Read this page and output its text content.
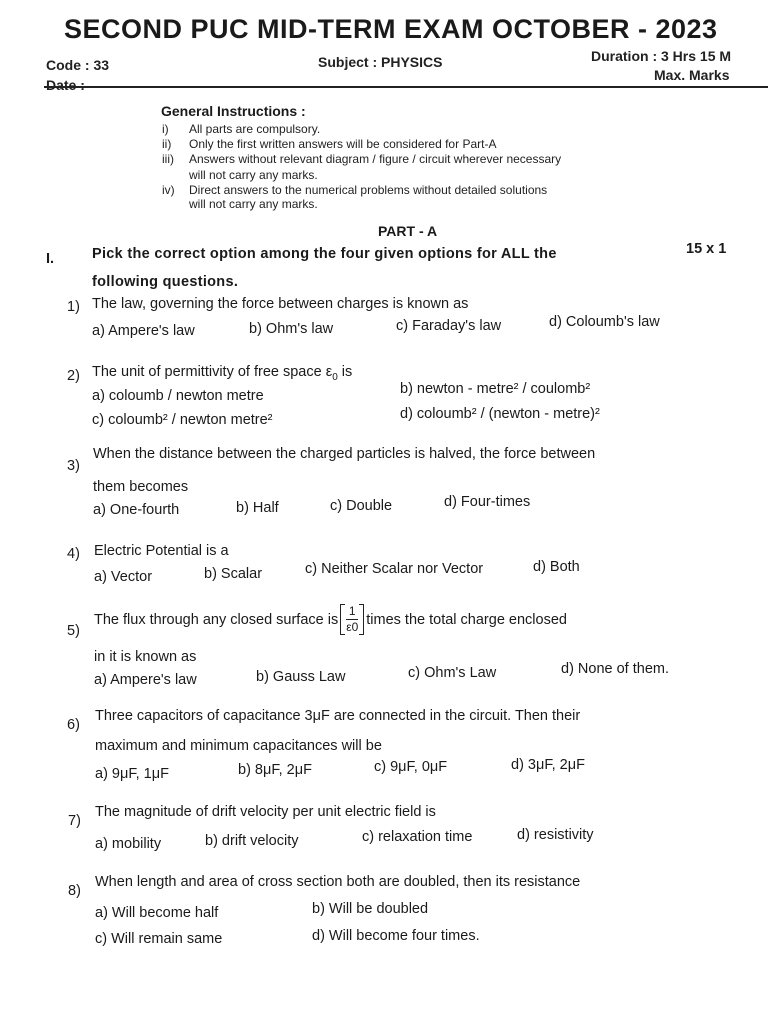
SECOND PUC MID-TERM EXAM OCTOBER - 2023
Code : 33
Date :
Subject : PHYSICS	Duration : 3 Hrs 15 M
Max. Marks
General Instructions :
i) All parts are compulsory.
ii) Only the first written answers will be considered for Part-A
iii) Answers without relevant diagram / figure / circuit wherever necessary
will not carry any marks.
iv) Direct answers to the numerical problems without detailed solutions
will not carry any marks.
PART - A
I.	Pick the correct option among the four given options for ALL the
following questions.
15 x 1
1) The law, governing the force between charges is known as
a) Ampere's law	b) Ohm's law	c) Faraday's law	d) Coloumb's law
2) The unit of permittivity of free space $\varepsilon_0$ is
a) coloumb / newton metre	b) newton - metre² / coulomb²
c) coloumb² / newton metre²	d) coloumb² / (newton - metre)²
3)
When the distance between the charged particles is halved, the force between
them becomes
a) One-fourth	b) Half	c) Double	d) Four-times
4) Electric Potential is a
a) Vector	b) Scalar	c) Neither Scalar nor Vector	d) Both
5)
The flux through any closed surface is $\frac{1}{\varepsilon 0}$ times the total charge enclosed
in it is known as
a) Ampere's law	b) Gauss Law	c) Ohm's Law	d) None of them.
6)
Three capacitors of capacitance 3μF are connected in the circuit. Then their
maximum and minimum capacitances will be
a) 9μF, 1μF	b) 8μF, 2μF	c) 9μF, 0μF	d) 3μF, 2μF
7)
The magnitude of drift velocity per unit electric field is
a) mobility	b) drift velocity	c) relaxation time	d) resistivity
8)
When length and area of cross section both are doubled, then its resistance
a) Will become half	b) Will be doubled
c) Will remain same	d) Will become four times.
